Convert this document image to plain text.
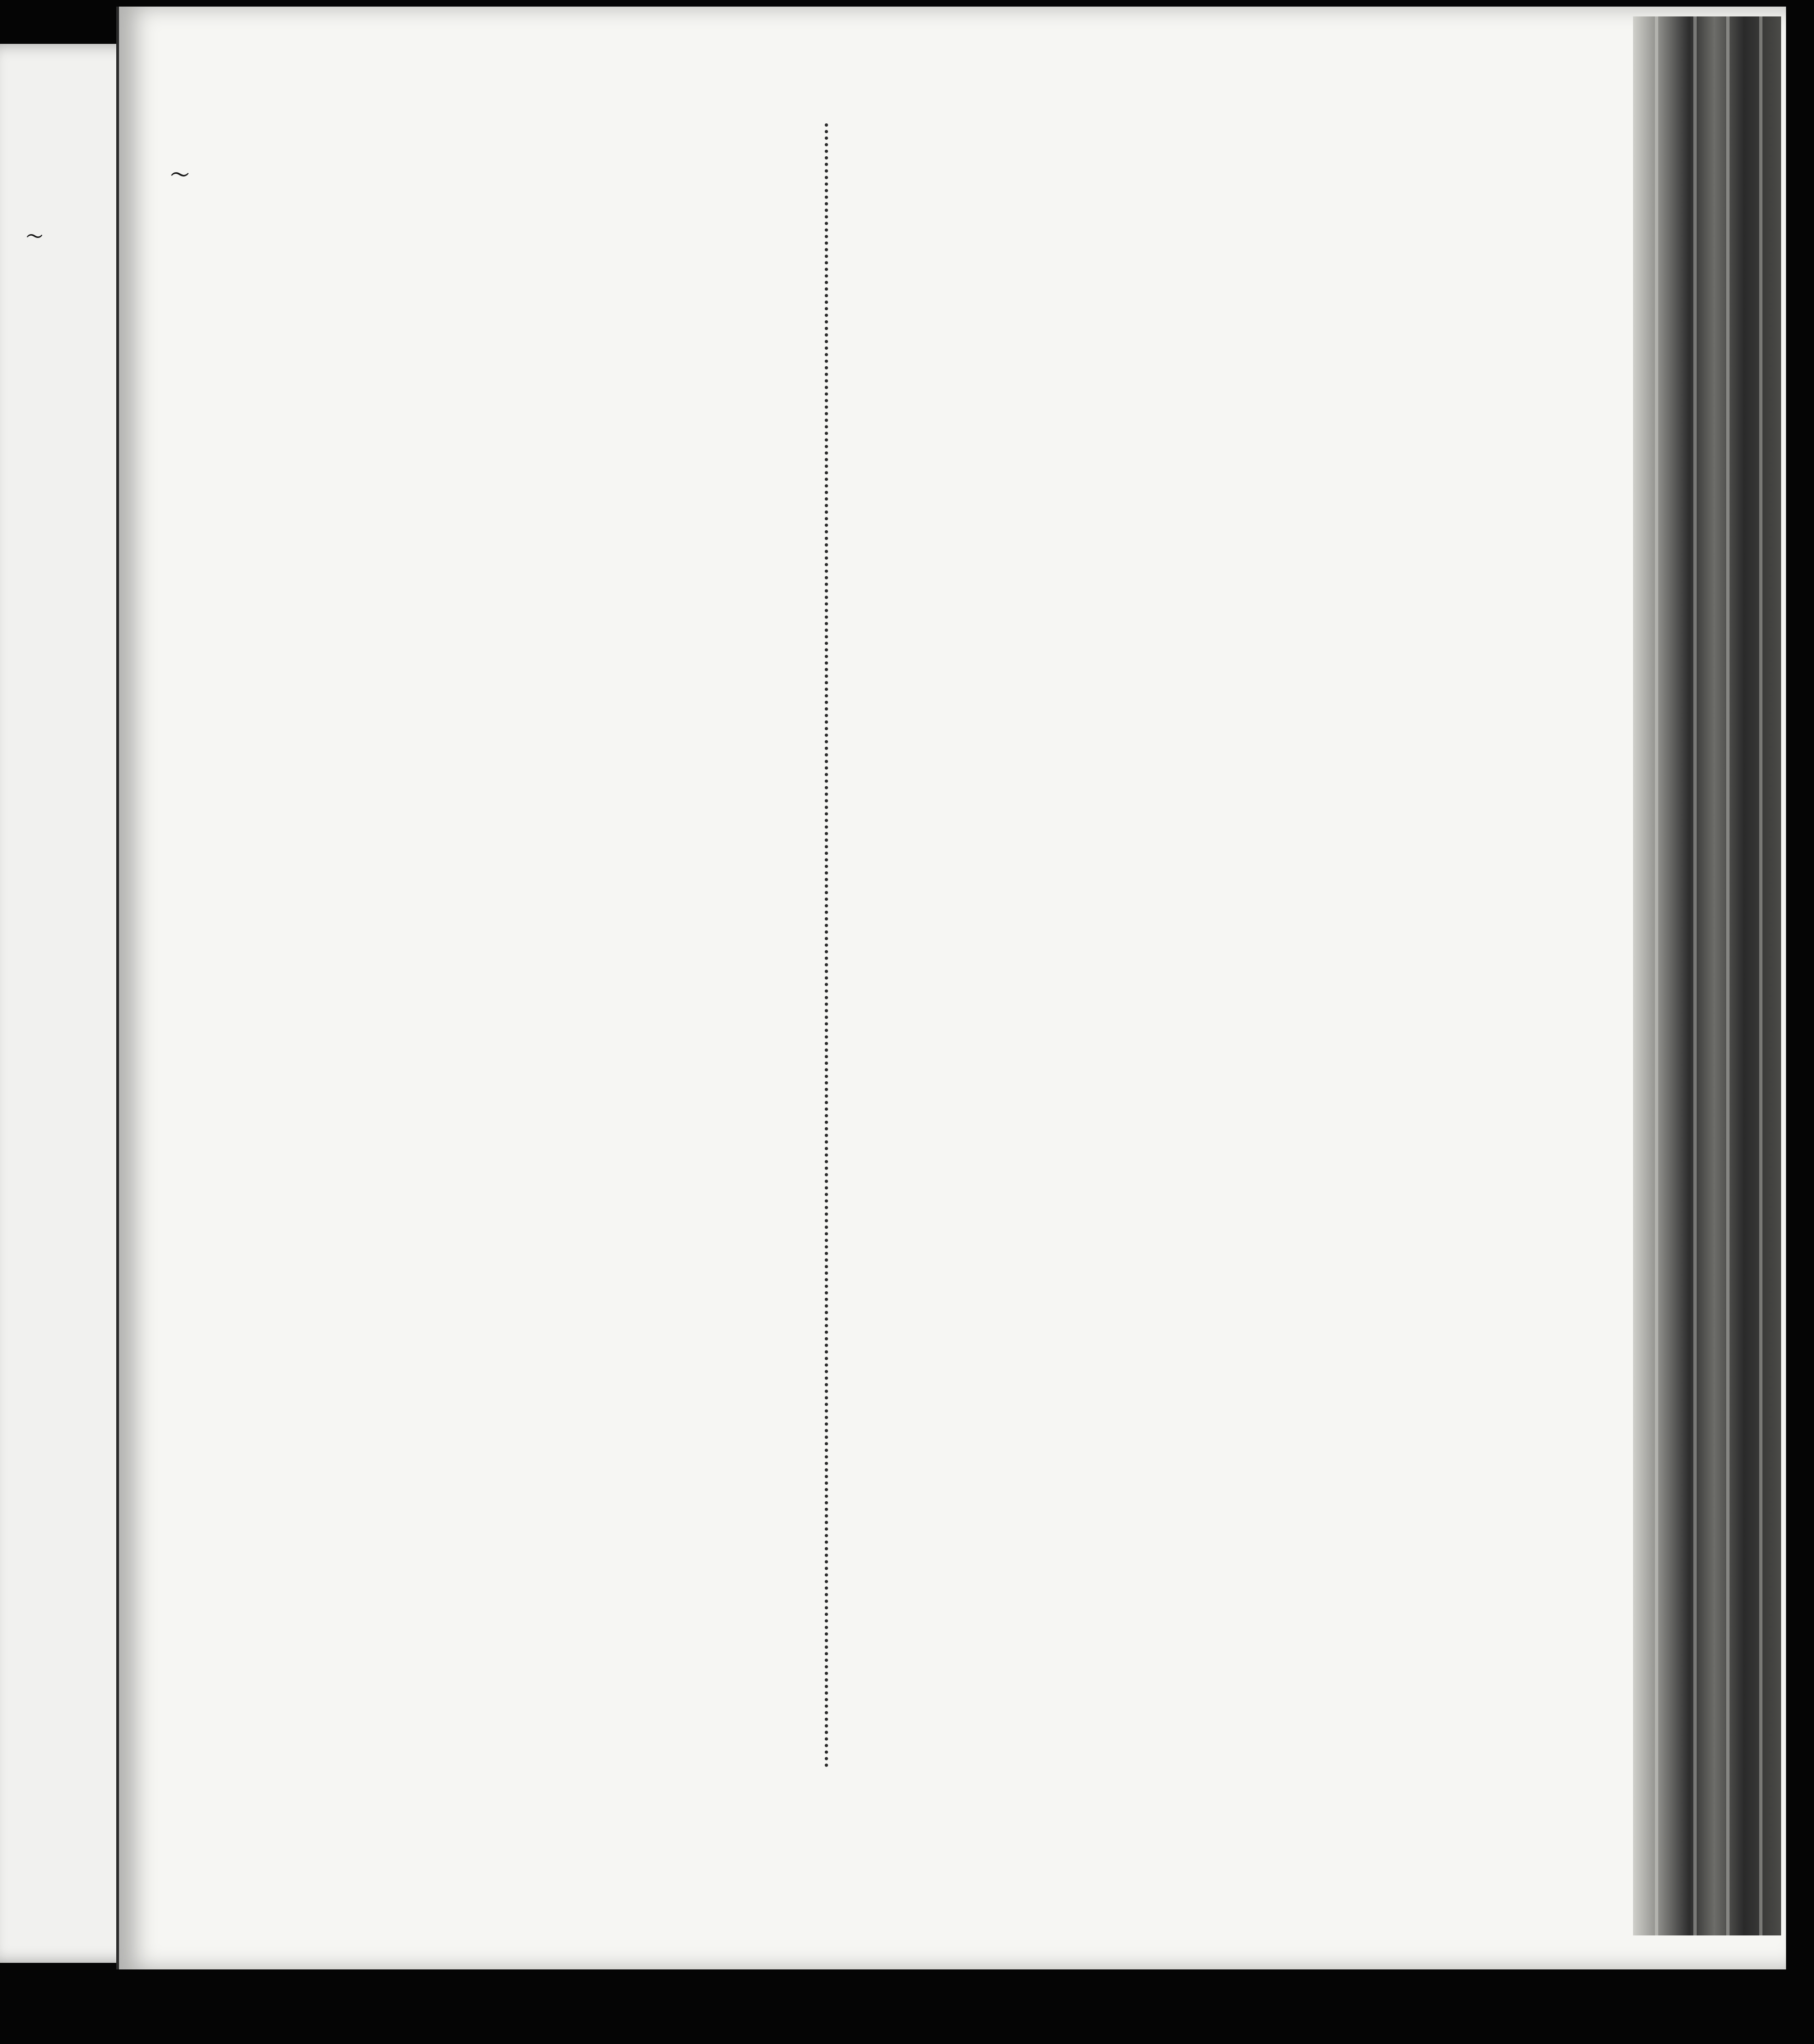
〜

〜
